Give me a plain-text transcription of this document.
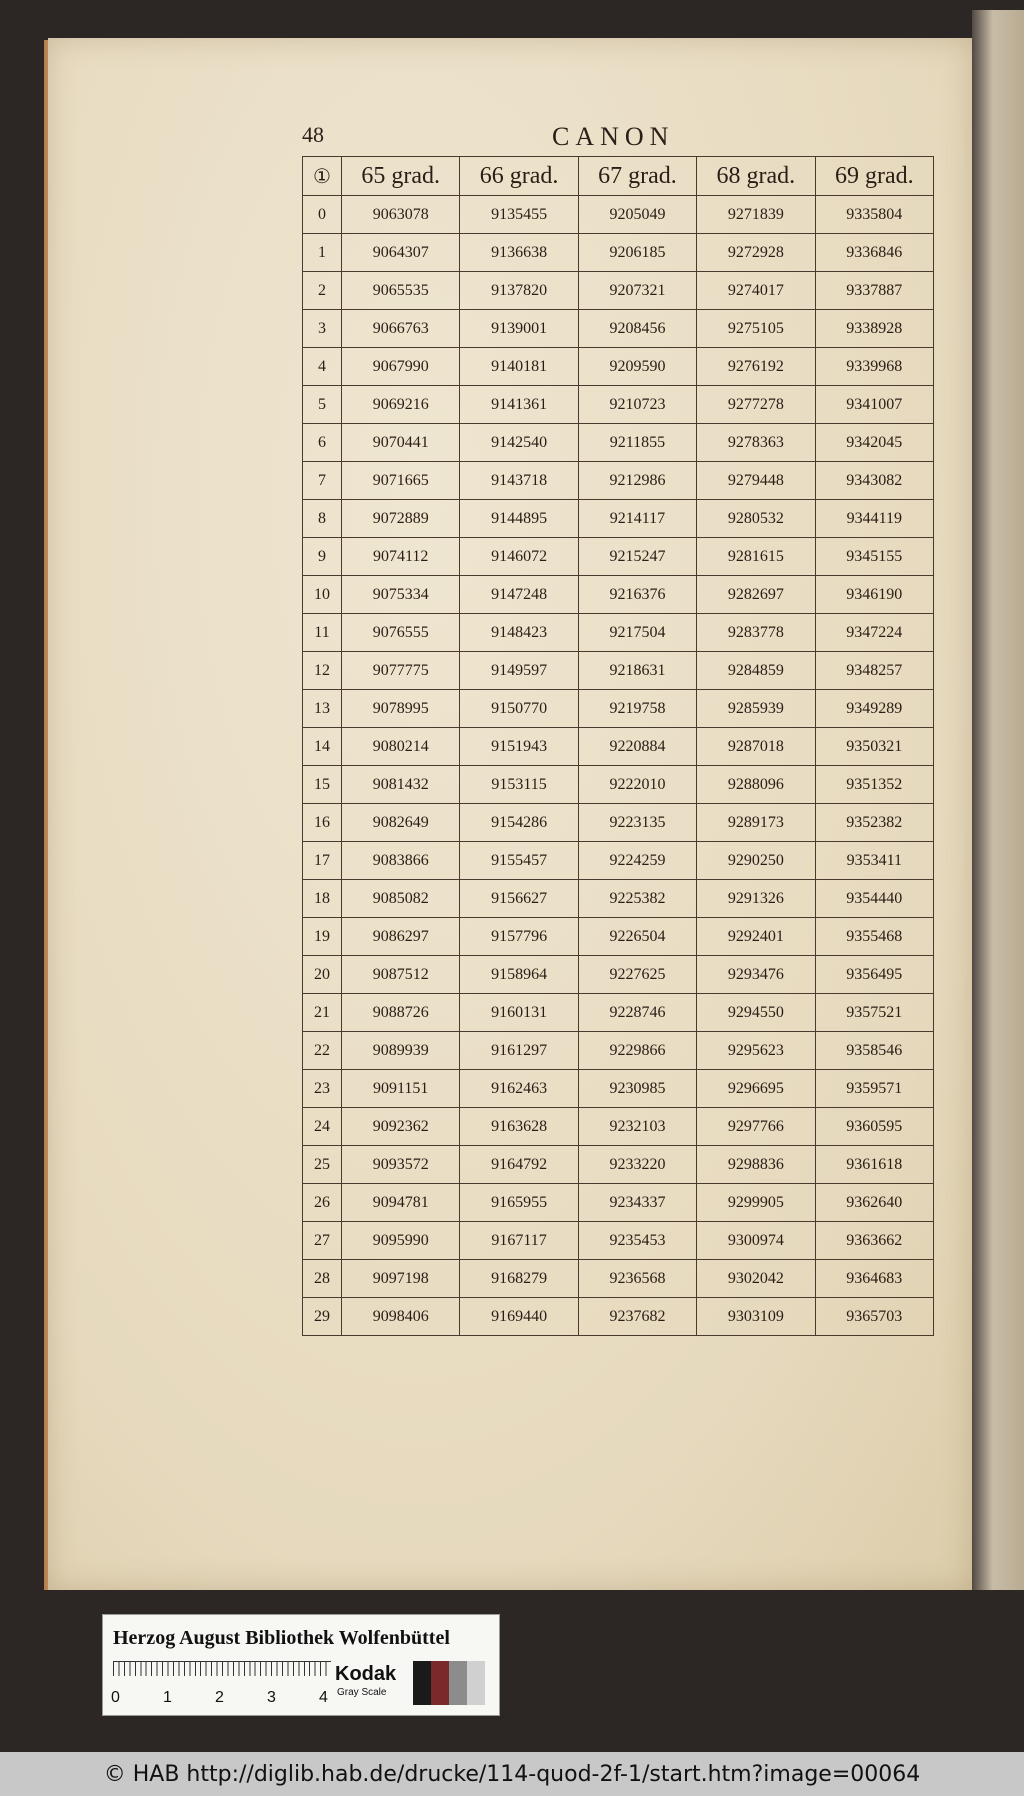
48	CANON
①	65 grad.	66 grad.	67 grad.	68 grad.	69 grad.
0	9063078	9135455	9205049	9271839	9335804
1	9064307	9136638	9206185	9272928	9336846
2	9065535	9137820	9207321	9274017	9337887
3	9066763	9139001	9208456	9275105	9338928
4	9067990	9140181	9209590	9276192	9339968
5	9069216	9141361	9210723	9277278	9341007
6	9070441	9142540	9211855	9278363	9342045
7	9071665	9143718	9212986	9279448	9343082
8	9072889	9144895	9214117	9280532	9344119
9	9074112	9146072	9215247	9281615	9345155
10	9075334	9147248	9216376	9282697	9346190
11	9076555	9148423	9217504	9283778	9347224
12	9077775	9149597	9218631	9284859	9348257
13	9078995	9150770	9219758	9285939	9349289
14	9080214	9151943	9220884	9287018	9350321
15	9081432	9153115	9222010	9288096	9351352
16	9082649	9154286	9223135	9289173	9352382
17	9083866	9155457	9224259	9290250	9353411
18	9085082	9156627	9225382	9291326	9354440
19	9086297	9157796	9226504	9292401	9355468
20	9087512	9158964	9227625	9293476	9356495
21	9088726	9160131	9228746	9294550	9357521
22	9089939	9161297	9229866	9295623	9358546
23	9091151	9162463	9230985	9296695	9359571
24	9092362	9163628	9232103	9297766	9360595
25	9093572	9164792	9233220	9298836	9361618
26	9094781	9165955	9234337	9299905	9362640
27	9095990	9167117	9235453	9300974	9363662
28	9097198	9168279	9236568	9302042	9364683
29	9098406	9169440	9237682	9303109	9365703
Herzog August Bibliothek Wolfenbüttel
0	1	2	3	4
Kodak
Gray Scale
© HAB http://diglib.hab.de/drucke/114-quod-2f-1/start.htm?image=00064
